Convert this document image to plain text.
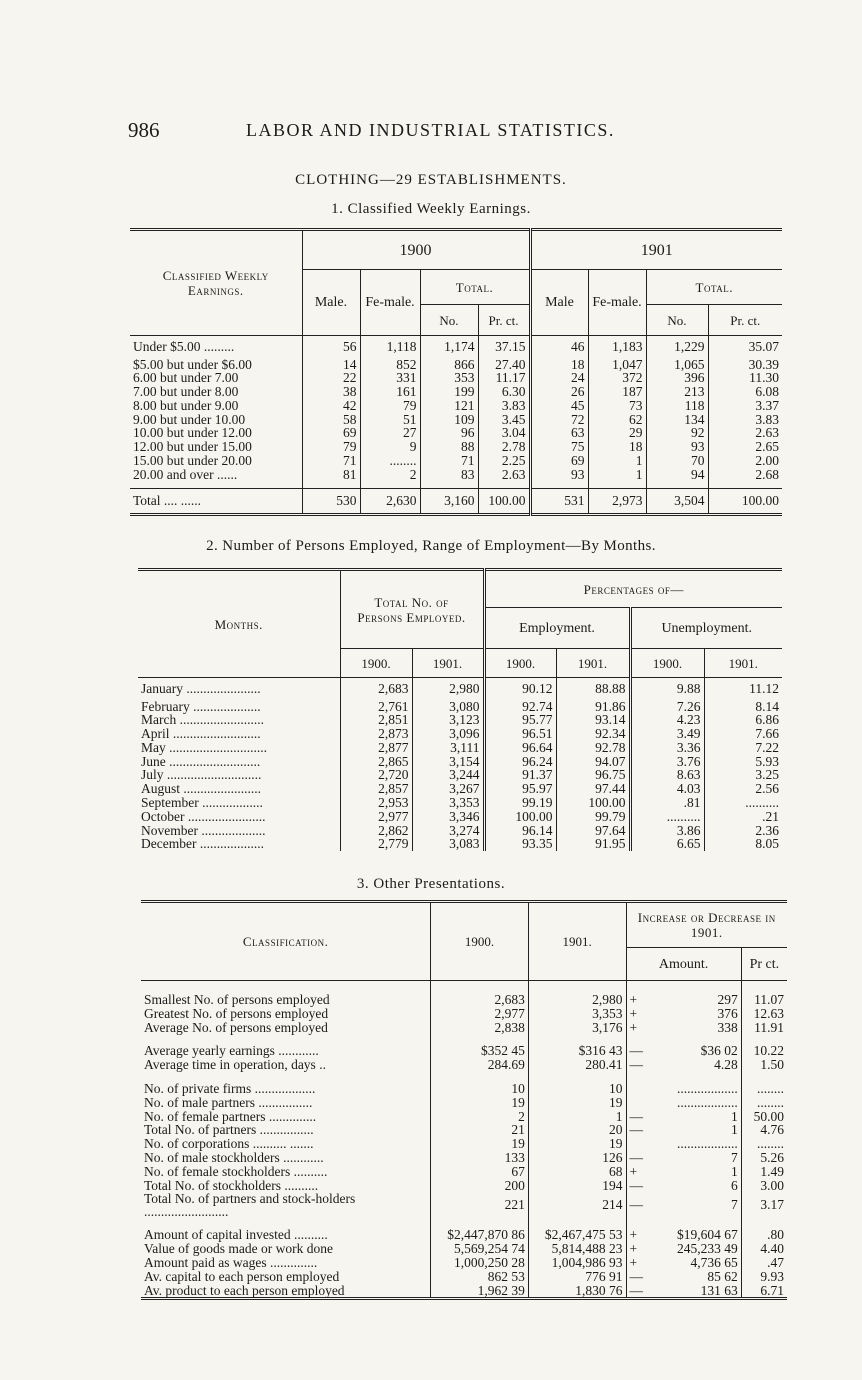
986	LABOR AND INDUSTRIAL STATISTICS.
CLOTHING—29 ESTABLISHMENTS.
1. Classified Weekly Earnings.
Classified Weekly Earnings.	1900				1901			
	Male.	Fe-male.	Total.		Male	Fe-male.	Total.	
			No.	Pr. ct.			No.	Pr. ct.
Under $5.00 .........	56	1,118	1,174	37.15	46	1,183	1,229	35.07
$5.00 but under $6.00	14	852	866	27.40	18	1,047	1,065	30.39
6.00 but under 7.00	22	331	353	11.17	24	372	396	11.30
7.00 but under 8.00	38	161	199	6.30	26	187	213	6.08
8.00 but under 9.00	42	79	121	3.83	45	73	118	3.37
9.00 but under 10.00	58	51	109	3.45	72	62	134	3.83
10.00 but under 12.00	69	27	96	3.04	63	29	92	2.63
12.00 but under 15.00	79	9	88	2.78	75	18	93	2.65
15.00 but under 20.00	71	........	71	2.25	69	1	70	2.00
20.00 and over ......	81	2	83	2.63	93	1	94	2.68

Total .... ......	530	2,630	3,160	100.00	531	2,973	3,504	100.00
2. Number of Persons Employed, Range of Employment—By Months.
Months.	Total No. of Persons Employed.		Percentages of—			
			Employment.		Unemployment.	
	1900.	1901.	1900.	1901.	1900.	1901.
January ......................	2,683	2,980	90.12	88.88	9.88	11.12
February ....................	2,761	3,080	92.74	91.86	7.26	8.14
March .........................	2,851	3,123	95.77	93.14	4.23	6.86
April ..........................	2,873	3,096	96.51	92.34	3.49	7.66
May .............................	2,877	3,111	96.64	92.78	3.36	7.22
June ...........................	2,865	3,154	96.24	94.07	3.76	5.93
July ............................	2,720	3,244	91.37	96.75	8.63	3.25
August .......................	2,857	3,267	95.97	97.44	4.03	2.56
September ..................	2,953	3,353	99.19	100.00	.81	..........
October .......................	2,977	3,346	100.00	99.79	..........	.21
November ...................	2,862	3,274	96.14	97.64	3.86	2.36
December ...................	2,779	3,083	93.35	91.95	6.65	8.05
3. Other Presentations.
Classification.	1900.	1901.	Increase or Decrease in 1901.		
			Amount.		Pr ct.

Smallest No. of persons employed	2,683	2,980	+	297	11.07
Greatest No. of persons employed	2,977	3,353	+	376	12.63
Average No. of persons employed	2,838	3,176	+	338	11.91

Average yearly earnings ............	$352 45	$316 43	—	$36 02	10.22
Average time in operation, days ..	284.69	280.41	—	4.28	1.50

No. of private firms ..................	10	10		..................	........
No. of male partners ................	19	19		..................	........
No. of female partners ..............	2	1	—	1	50.00
Total No. of partners ................	21	20	—	1	4.76
No. of corporations .......... .......	19	19		..................	........
No. of male stockholders ............	133	126	—	7	5.26
No. of female stockholders ..........	67	68	+	1	1.49
Total No. of stockholders ..........	200	194	—	6	3.00
Total No. of partners and stock-holders .........................	221	214	—	7	3.17

Amount of capital invested ..........	$2,447,870 86	$2,467,475 53	+	$19,604 67	.80
Value of goods made or work done	5,569,254 74	5,814,488 23	+	245,233 49	4.40
Amount paid as wages ..............	1,000,250 28	1,004,986 93	+	4,736 65	.47
Av. capital to each person employed	862 53	776 91	—	85 62	9.93
Av. product to each person employed	1,962 39	1,830 76	—	131 63	6.71
